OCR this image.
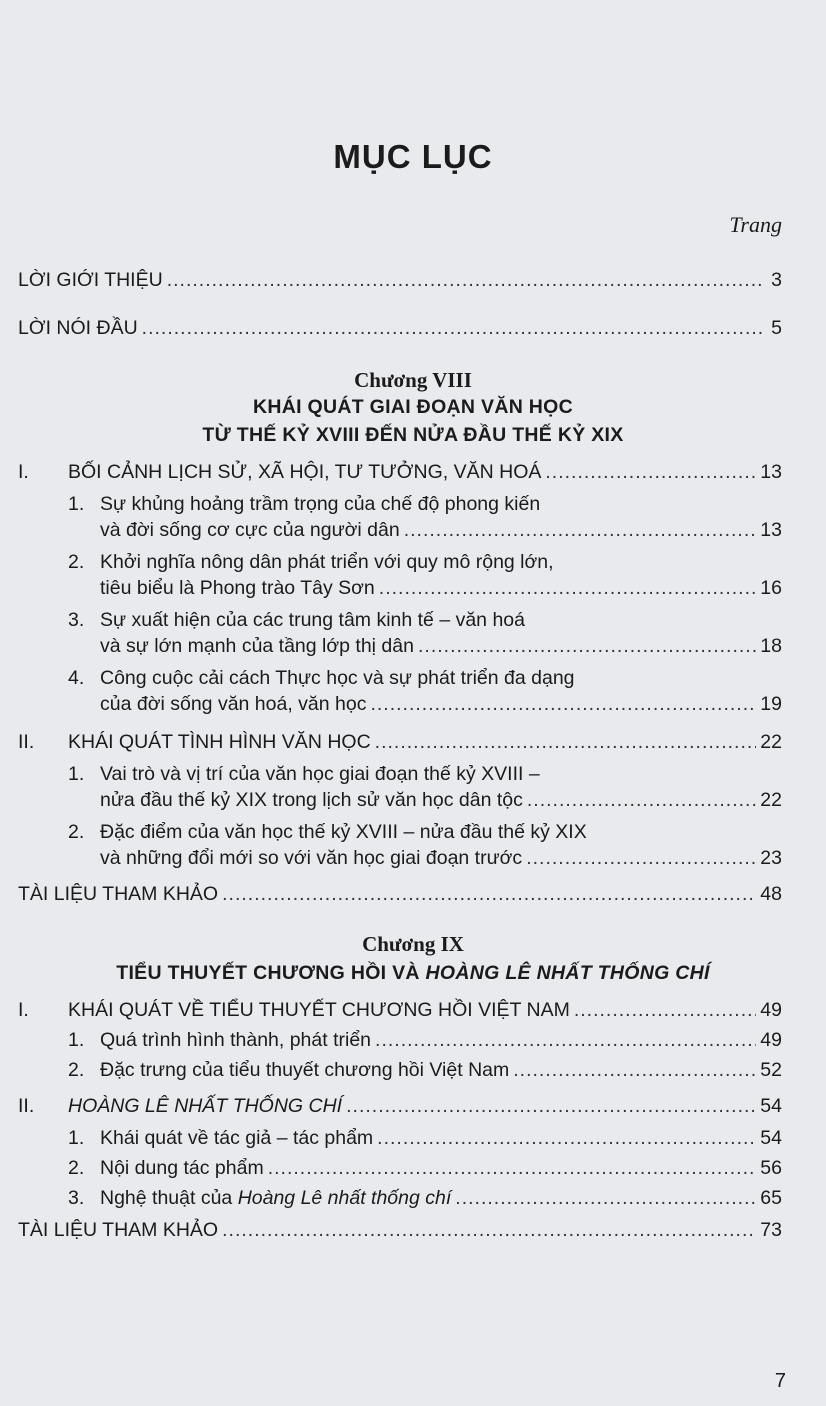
MỤC LỤC
Trang
LỜI GIỚI THIỆU .....	3
LỜI NÓI ĐẦU .....	5
Chương VIII
KHÁI QUÁT GIAI ĐOẠN VĂN HỌC
TỪ THẾ KỶ XVIII ĐẾN NỬA ĐẦU THẾ KỶ XIX
I.	BỐI CẢNH LỊCH SỬ, XÃ HỘI, TƯ TƯỞNG, VĂN HOÁ .....	13
1. Sự khủng hoảng trầm trọng của chế độ phong kiến
và đời sống cơ cực của người dân .....	13
2. Khởi nghĩa nông dân phát triển với quy mô rộng lớn,
tiêu biểu là Phong trào Tây Sơn .....	16
3. Sự xuất hiện của các trung tâm kinh tế – văn hoá
và sự lớn mạnh của tầng lớp thị dân .....	18
4. Công cuộc cải cách Thực học và sự phát triển đa dạng
của đời sống văn hoá, văn học .....	19
II.	KHÁI QUÁT TÌNH HÌNH VĂN HỌC .....	22
1. Vai trò và vị trí của văn học giai đoạn thế kỷ XVIII –
nửa đầu thế kỷ XIX trong lịch sử văn học dân tộc .....	22
2. Đặc điểm của văn học thế kỷ XVIII – nửa đầu thế kỷ XIX
và những đổi mới so với văn học giai đoạn trước .....	23
TÀI LIỆU THAM KHẢO .....	48
Chương IX
TIỂU THUYẾT CHƯƠNG HỒI VÀ HOÀNG LÊ NHẤT THỐNG CHÍ
I.	KHÁI QUÁT VỀ TIỂU THUYẾT CHƯƠNG HỒI VIỆT NAM .....	49
1. Quá trình hình thành, phát triển .....	49
2. Đặc trưng của tiểu thuyết chương hồi Việt Nam .....	52
II.	HOÀNG LÊ NHẤT THỐNG CHÍ .....	54
1. Khái quát về tác giả – tác phẩm .....	54
2. Nội dung tác phẩm .....	56
3. Nghệ thuật của Hoàng Lê nhất thống chí .....	65
TÀI LIỆU THAM KHẢO .....	73
7
